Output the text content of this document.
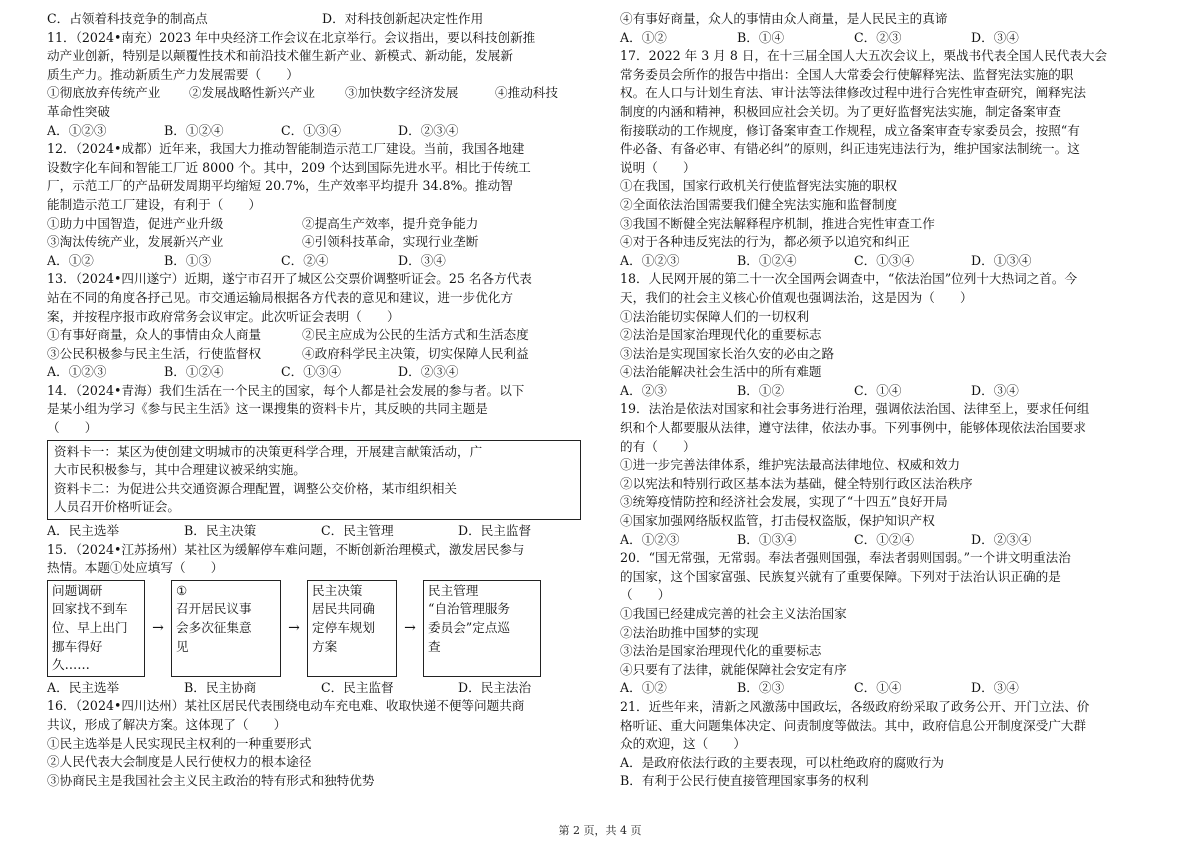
C．占领着科技竞争的制高点	D．对科技创新起决定性作用

11．（2024•南充）2023 年中央经济工作会议在北京举行。会议指出，要以科技创新推

动产业创新，特别是以颠覆性技术和前沿技术催生新产业、新模式、新动能，发展新

质生产力。推动新质生产力发展需要（　　）

①彻底放弃传统产业	②发展战略性新兴产业	③加快数字经济发展	④推动科技

革命性突破

A．①②③	B．①②④	C．①③④	D．②③④

12．（2024•成都）近年来，我国大力推动智能制造示范工厂建设。当前，我国各地建

设数字化车间和智能工厂近 8000 个。其中，209 个达到国际先进水平。相比于传统工

厂，示范工厂的产品研发周期平均缩短 20.7%，生产效率平均提升 34.8%。推动智

能制造示范工厂建设，有利于（　　）

①助力中国智造，促进产业升级	②提高生产效率，提升竞争能力
③淘汰传统产业，发展新兴产业	④引领科技革命，实现行业垄断
A．①②	B．①③	C．②④	D．③④

13．（2024•四川遂宁）近期，遂宁市召开了城区公交票价调整听证会。25 名各方代表

站在不同的角度各抒己见。市交通运输局根据各方代表的意见和建议，进一步优化方

案，并按程序报市政府常务会议审定。此次听证会表明（　　）

①有事好商量，众人的事情由众人商量	②民主应成为公民的生活方式和生活态度
③公民积极参与民主生活，行使监督权	④政府科学民主决策，切实保障人民利益
A．①②③	B．①②④	C．①③④	D．②③④

14．（2024•青海）我们生活在一个民主的国家，每个人都是社会发展的参与者。以下

是某小组为学习《参与民主生活》这一课搜集的资料卡片，其反映的共同主题是

（　　）

资料卡一：某区为使创建文明城市的决策更科学合理，开展建言献策活动，广

大市民积极参与，其中合理建议被采纳实施。

资料卡二：为促进公共交通资源合理配置，调整公交价格，某市组织相关

人员召开价格听证会。

A．民主选举	B．民主决策	C．民主管理	D．民主监督

15．（2024•江苏扬州）某社区为缓解停车难问题，不断创新治理模式，激发居民参与

热情。本题①处应填写（　　）

问题调研

回家找不到车

位、早上出门

挪车得好

久……

→

①

召开居民议事

会多次征集意

见

→

民主决策

居民共同确

定停车规划

方案

→

民主管理

“自治管理服务

委员会”定点巡

查

A．民主选举	B．民主协商	C．民主监督	D．民主法治

16．（2024•四川达州）某社区居民代表围绕电动车充电难、收取快递不便等问题共商

共议，形成了解决方案。这体现了（　　）

①民主选举是人民实现民主权利的一种重要形式

②人民代表大会制度是人民行使权力的根本途径

③协商民主是我国社会主义民主政治的特有形式和独特优势

④有事好商量，众人的事情由众人商量，是人民民主的真谛

A．①②	B．①④	C．②③	D．③④

17．2022 年 3 月 8 日，在十三届全国人大五次会议上，栗战书代表全国人民代表大会

常务委员会所作的报告中指出：全国人大常委会行使解释宪法、监督宪法实施的职

权。在人口与计划生育法、审计法等法律修改过程中进行合宪性审查研究，阐释宪法

制度的内涵和精神，积极回应社会关切。为了更好监督宪法实施，制定备案审查

衔接联动的工作规度，修订备案审查工作规程，成立备案审查专家委员会，按照“有

件必备、有备必审、有错必纠”的原则，纠正违宪违法行为，维护国家法制统一。这

说明（　　）

①在我国，国家行政机关行使监督宪法实施的职权

②全面依法治国需要我们健全宪法实施和监督制度

③我国不断健全宪法解释程序机制，推进合宪性审查工作

④对于各种违反宪法的行为，都必须予以追究和纠正

A．①②③	B．①②④	C．①③④	D．①③④

18．人民网开展的第二十一次全国两会调查中，“依法治国”位列十大热词之首。今

天，我们的社会主义核心价值观也强调法治，这是因为（　　）

①法治能切实保障人们的一切权利

②法治是国家治理现代化的重要标志

③法治是实现国家长治久安的必由之路

④法治能解决社会生活中的所有难题

A．②③	B．①②	C．①④	D．③④

19．法治是依法对国家和社会事务进行治理，强调依法治国、法律至上，要求任何组

织和个人都要服从法律，遵守法律，依法办事。下列事例中，能够体现依法治国要求

的有（　　）

①进一步完善法律体系，维护宪法最高法律地位、权威和效力

②以宪法和特别行政区基本法为基础，健全特别行政区法治秩序

③统筹疫情防控和经济社会发展，实现了“十四五”良好开局

④国家加强网络版权监管，打击侵权盗版，保护知识产权

A．①②③	B．①③④	C．①②④	D．②③④

20．“国无常强，无常弱。奉法者强则国强，奉法者弱则国弱。”一个讲文明重法治

的国家，这个国家富强、民族复兴就有了重要保障。下列对于法治认识正确的是

（　　）

①我国已经建成完善的社会主义法治国家

②法治助推中国梦的实现

③法治是国家治理现代化的重要标志

④只要有了法律，就能保障社会安定有序

A．①②	B．②③	C．①④	D．③④

21．近些年来，清新之风激荡中国政坛，各级政府纷采取了政务公开、开门立法、价

格听证、重大问题集体决定、问责制度等做法。其中，政府信息公开制度深受广大群

众的欢迎，这（　　）

A．是政府依法行政的主要表现，可以杜绝政府的腐败行为

B．有利于公民行使直接管理国家事务的权利

第 2 页，共 4 页
